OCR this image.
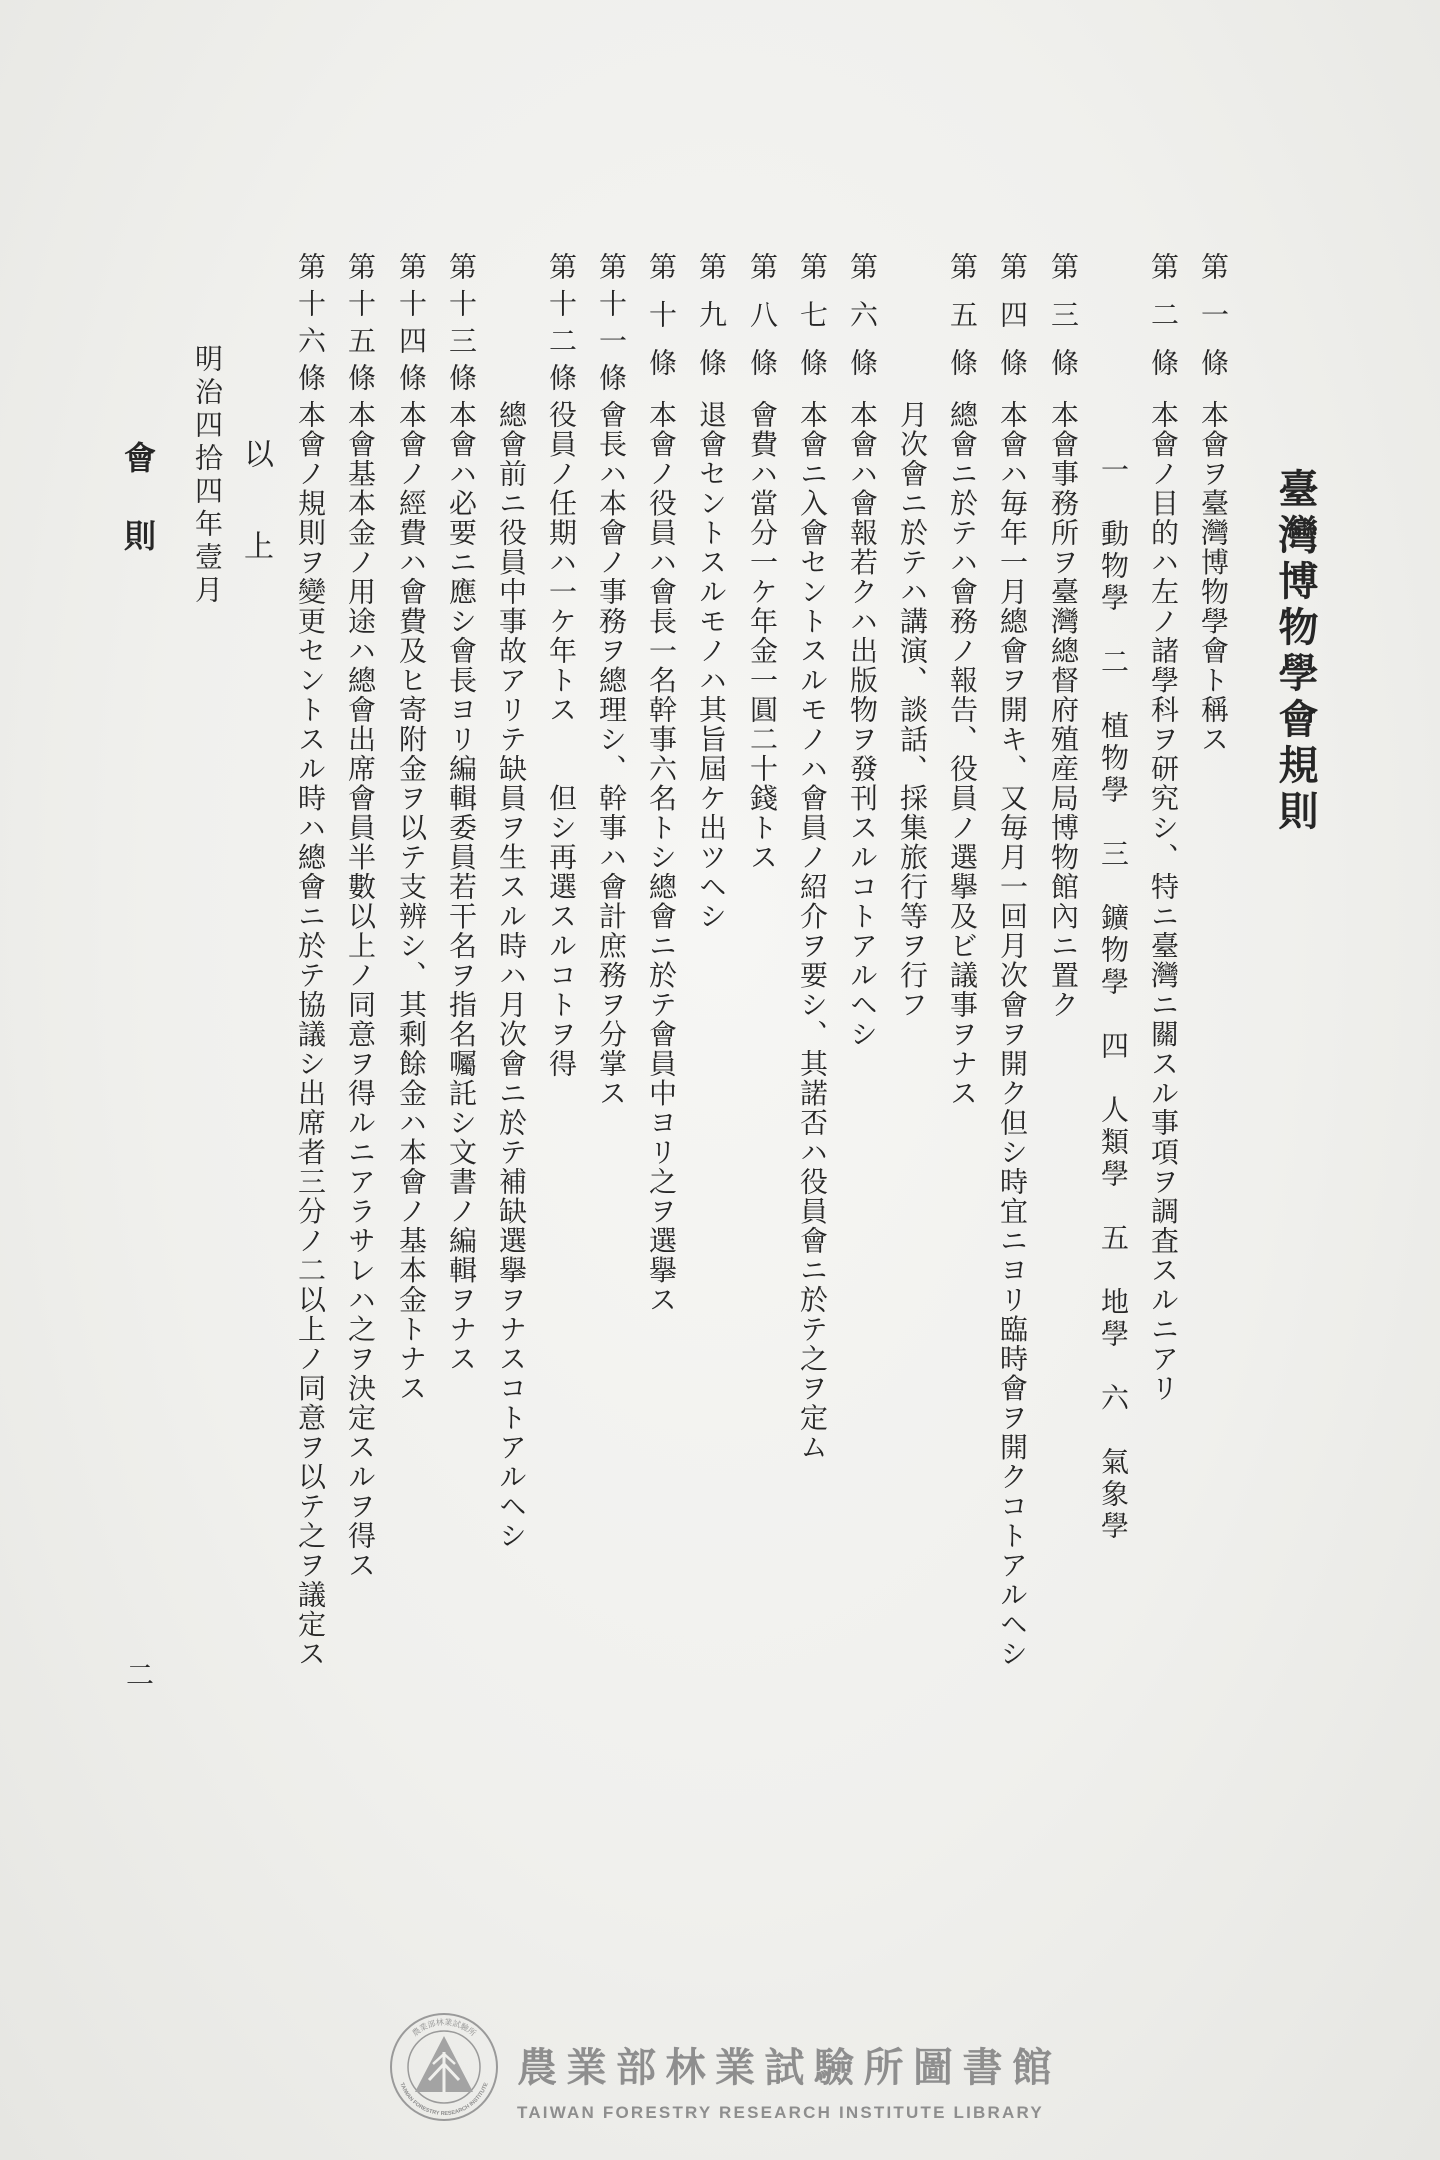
臺灣博物學會規則
第一條
本會ヲ臺灣博物學會ト稱ス
第二條
本會ノ目的ハ左ノ諸學科ヲ研究シ、特ニ臺灣ニ關スル事項ヲ調査スルニアリ
一　動物學　二　植物學　三　鑛物學　四　人類學　五　地學　六　氣象學
第三條
本會事務所ヲ臺灣總督府殖産局博物館內ニ置ク
第四條
本會ハ毎年一月總會ヲ開キ、又毎月一回月次會ヲ開ク但シ時宜ニヨリ臨時會ヲ開クコトアルヘシ
第五條
總會ニ於テハ會務ノ報告、役員ノ選擧及ビ議事ヲナス
月次會ニ於テハ講演、談話、採集旅行等ヲ行フ
第六條
本會ハ會報若クハ出版物ヲ發刊スルコトアルヘシ
第七條
本會ニ入會セントスルモノハ會員ノ紹介ヲ要シ、其諾否ハ役員會ニ於テ之ヲ定ム
第八條
會費ハ當分一ケ年金一圓二十錢トス
第九條
退會セントスルモノハ其旨屆ケ出ツヘシ
第十條
本會ノ役員ハ會長一名幹事六名トシ總會ニ於テ會員中ヨリ之ヲ選擧ス
第十一條
會長ハ本會ノ事務ヲ總理シ、幹事ハ會計庶務ヲ分掌ス
第十二條
役員ノ任期ハ一ケ年トス　　但シ再選スルコトヲ得
總會前ニ役員中事故アリテ缺員ヲ生スル時ハ月次會ニ於テ補缺選擧ヲナスコトアルヘシ
第十三條
本會ハ必要ニ應シ會長ヨリ編輯委員若干名ヲ指名囑託シ文書ノ編輯ヲナス
第十四條
本會ノ經費ハ會費及ヒ寄附金ヲ以テ支辨シ、其剩餘金ハ本會ノ基本金トナス
第十五條
本會基本金ノ用途ハ總會出席會員半數以上ノ同意ヲ得ルニアラサレハ之ヲ決定スルヲ得ス
第十六條
本會ノ規則ヲ變更セントスル時ハ總會ニ於テ協議シ出席者三分ノ二以上ノ同意ヲ以テ之ヲ議定ス
以　上
明治四拾四年壹月
會　則
二
農業部林業試驗所
TAIWAN FORESTRY RESEARCH INSTITUTE 農業部林業試驗所圖書館
TAIWAN FORESTRY RESEARCH INSTITUTE LIBRARY
